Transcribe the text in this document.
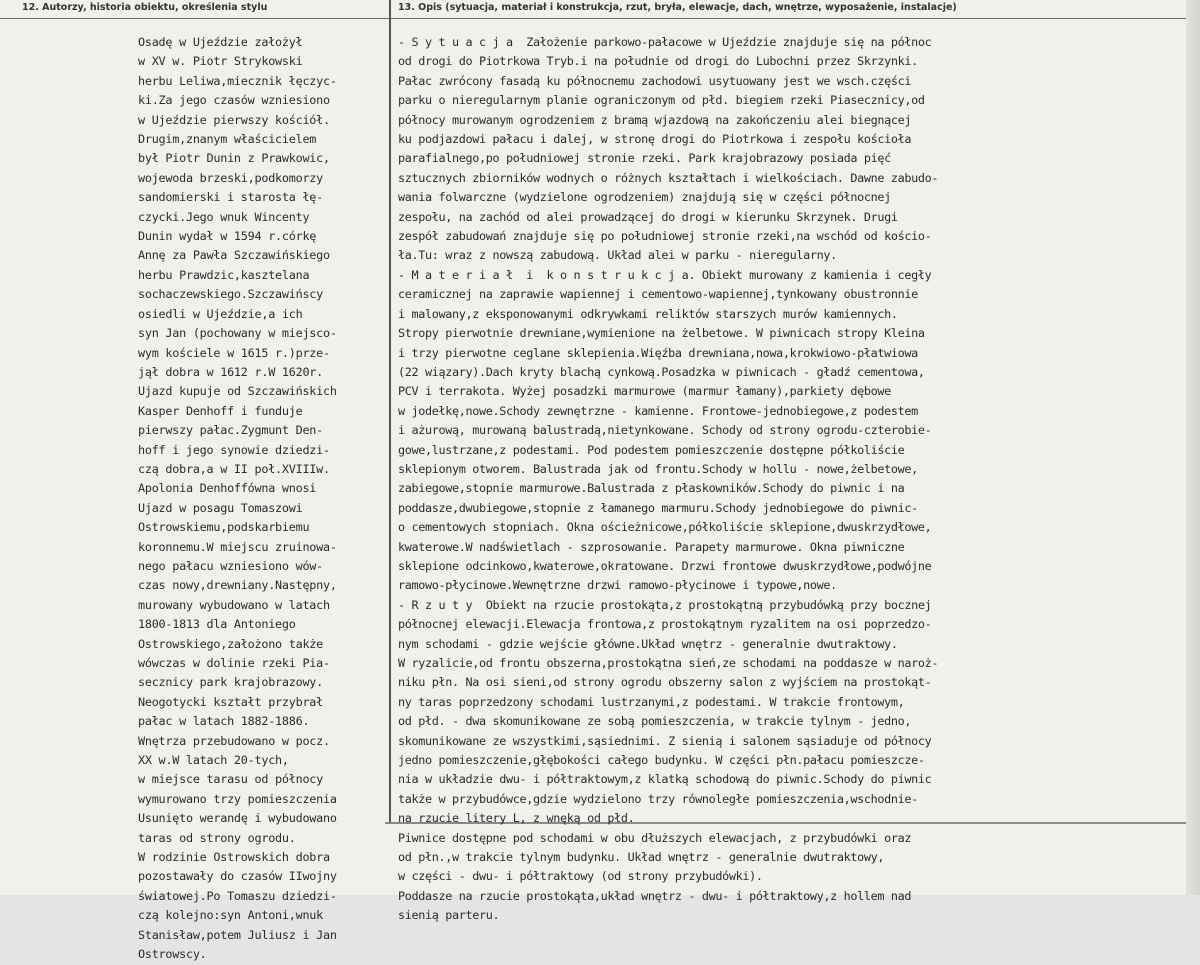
12. Autorzy, historia obiektu, określenia stylu	13. Opis (sytuacja, materiał i konstrukcja, rzut, bryła, elewacje, dach, wnętrze, wyposażenie, instalacje)
Osadę w Ujeździe założył
w XV w. Piotr Strykowski
herbu Leliwa,miecznik łęczyc-
ki.Za jego czasów wzniesiono
w Ujeździe pierwszy kościół.
Drugim,znanym właścicielem
był Piotr Dunin z Prawkowic,
wojewoda brzeski,podkomorzy
sandomierski i starosta łę-
czycki.Jego wnuk Wincenty
Dunin wydał w 1594 r.córkę
Annę za Pawła Szczawińskiego
herbu Prawdzic,kasztelana
sochaczewskiego.Szczawińscy
osiedli w Ujeździe,a ich
syn Jan (pochowany w miejsco-
wym kościele w 1615 r.)prze-
jął dobra w 1612 r.W 1620r.
Ujazd kupuje od Szczawińskich
Kasper Denhoff i funduje
pierwszy pałac.Zygmunt Den-
hoff i jego synowie dziedzi-
czą dobra,a w II poł.XVIIIw.
Apolonia Denhoffówna wnosi
Ujazd w posagu Tomaszowi
Ostrowskiemu,podskarbiemu
koronnemu.W miejscu zruinowa-
nego pałacu wzniesiono wów-
czas nowy,drewniany.Następny,
murowany wybudowano w latach
1800-1813 dla Antoniego
Ostrowskiego,założono także
wówczas w dolinie rzeki Pia-
secznicy park krajobrazowy.
Neogotycki kształt przybrał
pałac w latach 1882-1886.
Wnętrza przebudowano w pocz.
XX w.W latach 20-tych,
w miejsce tarasu od północy
wymurowano trzy pomieszczenia
Usunięto werandę i wybudowano
taras od strony ogrodu.
W rodzinie Ostrowskich dobra
pozostawały do czasów IIwojny
światowej.Po Tomaszu dziedzi-
czą kolejno:syn Antoni,wnuk
Stanisław,potem Juliusz i Jan
Ostrowscy.
- S y t u a c j a  Założenie parkowo-pałacowe w Ujeździe znajduje się na północ
od drogi do Piotrkowa Tryb.i na południe od drogi do Lubochni przez Skrzynki.
Pałac zwrócony fasadą ku północnemu zachodowi usytuowany jest we wsch.części
parku o nieregularnym planie ograniczonym od płd. biegiem rzeki Piasecznicy,od
północy murowanym ogrodzeniem z bramą wjazdową na zakończeniu alei biegnącej
ku podjazdowi pałacu i dalej, w stronę drogi do Piotrkowa i zespołu kościoła
parafialnego,po południowej stronie rzeki. Park krajobrazowy posiada pięć
sztucznych zbiorników wodnych o różnych kształtach i wielkościach. Dawne zabudo-
wania folwarczne (wydzielone ogrodzeniem) znajdują się w części północnej
zespołu, na zachód od alei prowadzącej do drogi w kierunku Skrzynek. Drugi
zespół zabudowań znajduje się po południowej stronie rzeki,na wschód od kościo-
ła.Tu: wraz z nowszą zabudową. Układ alei w parku - nieregularny.
- M a t e r i a ł  i  k o n s t r u k c j a. Obiekt murowany z kamienia i cegły
ceramicznej na zaprawie wapiennej i cementowo-wapiennej,tynkowany obustronnie
i malowany,z eksponowanymi odkrywkami reliktów starszych murów kamiennych.
Stropy pierwotnie drewniane,wymienione na żelbetowe. W piwnicach stropy Kleina
i trzy pierwotne ceglane sklepienia.Więźba drewniana,nowa,krokwiowo-płatwiowa
(22 wiązary).Dach kryty blachą cynkową.Posadzka w piwnicach - gładź cementowa,
PCV i terrakota. Wyżej posadzki marmurowe (marmur łamany),parkiety dębowe
w jodełkę,nowe.Schody zewnętrzne - kamienne. Frontowe-jednobiegowe,z podestem
i ażurową, murowaną balustradą,nietynkowane. Schody od strony ogrodu-czterobie-
gowe,lustrzane,z podestami. Pod podestem pomieszczenie dostępne półkoliście
sklepionym otworem. Balustrada jak od frontu.Schody w hollu - nowe,żelbetowe,
zabiegowe,stopnie marmurowe.Balustrada z płaskowników.Schody do piwnic i na
poddasze,dwubiegowe,stopnie z łamanego marmuru.Schody jednobiegowe do piwnic-
o cementowych stopniach. Okna ościeżnicowe,półkoliście sklepione,dwuskrzydłowe,
kwaterowe.W nadświetlach - szprosowanie. Parapety marmurowe. Okna piwniczne
sklepione odcinkowo,kwaterowe,okratowane. Drzwi frontowe dwuskrzydłowe,podwójne
ramowo-płycinowe.Wewnętrzne drzwi ramowo-płycinowe i typowe,nowe.
- R z u t y  Obiekt na rzucie prostokąta,z prostokątną przybudówką przy bocznej
północnej elewacji.Elewacja frontowa,z prostokątnym ryzalitem na osi poprzedzo-
nym schodami - gdzie wejście główne.Układ wnętrz - generalnie dwutraktowy.
W ryzalicie,od frontu obszerna,prostokątna sień,ze schodami na poddasze w naroż-
niku płn. Na osi sieni,od strony ogrodu obszerny salon z wyjściem na prostokąt-
ny taras poprzedzony schodami lustrzanymi,z podestami. W trakcie frontowym,
od płd. - dwa skomunikowane ze sobą pomieszczenia, w trakcie tylnym - jedno,
skomunikowane ze wszystkimi,sąsiednimi. Z sienią i salonem sąsiaduje od północy
jedno pomieszczenie,głębokości całego budynku. W części płn.pałacu pomieszcze-
nia w układzie dwu- i półtraktowym,z klatką schodową do piwnic.Schody do piwnic
także w przybudówce,gdzie wydzielono trzy równoległe pomieszczenia,wschodnie-
na rzucie litery L, z wnęką od płd.
Piwnice dostępne pod schodami w obu dłuższych elewacjach, z przybudówki oraz
od płn.,w trakcie tylnym budynku. Układ wnętrz - generalnie dwutraktowy,
w części - dwu- i półtraktowy (od strony przybudówki).
Poddasze na rzucie prostokąta,układ wnętrz - dwu- i półtraktowy,z hollem nad
sienią parteru.
